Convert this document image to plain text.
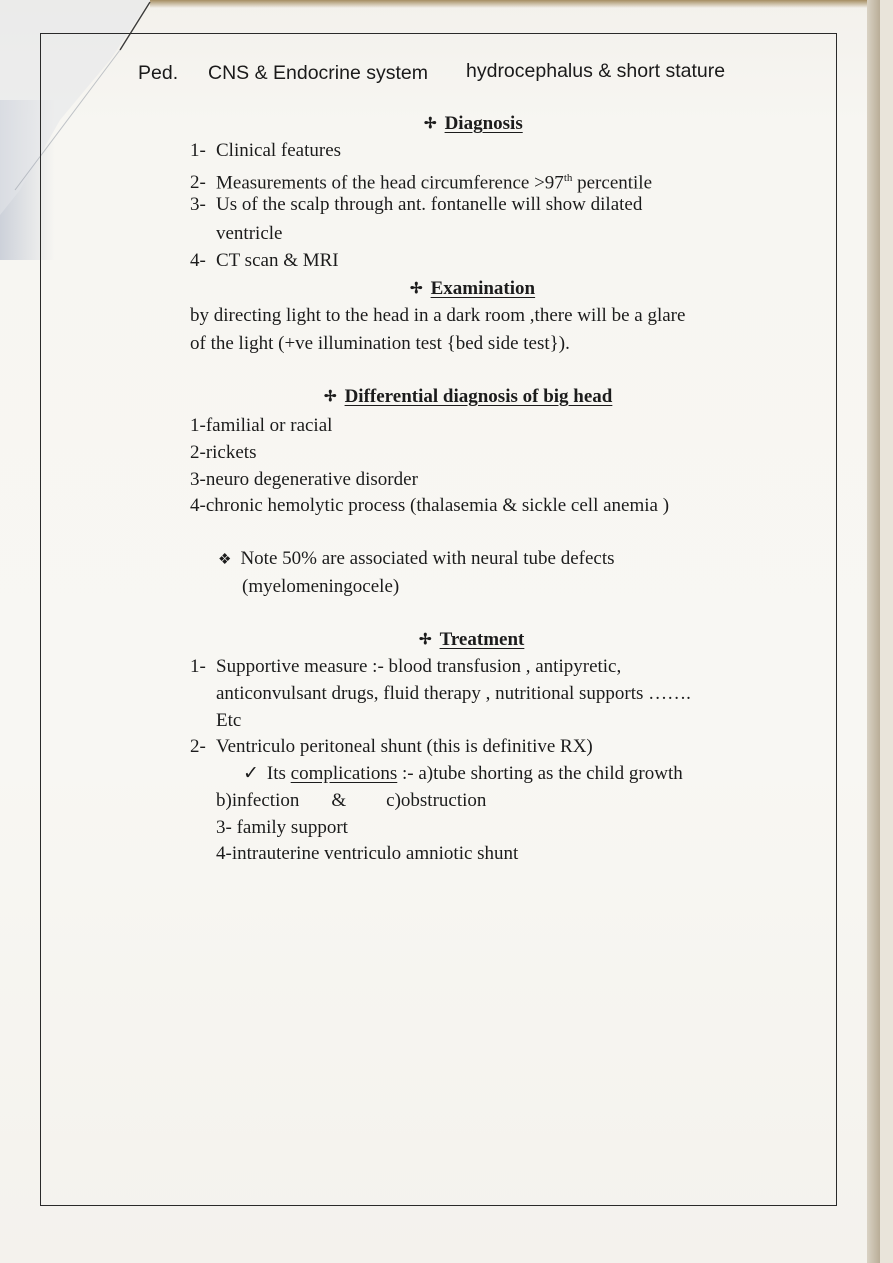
Ped. CNS & Endocrine system hydrocephalus & short stature
✢ Diagnosis
1- Clinical features
2- Measurements of the head circumference >97th percentile
3- Us of the scalp through ant. fontanelle will show dilated
ventricle
4- CT scan & MRI
✢ Examination
by directing light to the head in a dark room ,there will be a glare
of the light (+ve illumination test {bed side test}).
✢ Differential diagnosis of big head
1-familial or racial
2-rickets
3-neuro degenerative disorder
4-chronic hemolytic process (thalasemia & sickle cell anemia )
❖ Note 50% are associated with neural tube defects
(myelomeningocele)
✢ Treatment
1- Supportive measure :- blood transfusion , antipyretic,
anticonvulsant drugs, fluid therapy , nutritional supports …….
Etc
2- Ventriculo peritoneal shunt (this is definitive RX)
✓ Its complications :- a)tube shorting as the child growth
b)infection & c)obstruction
3- family support
4-intrauterine ventriculo amniotic shunt
